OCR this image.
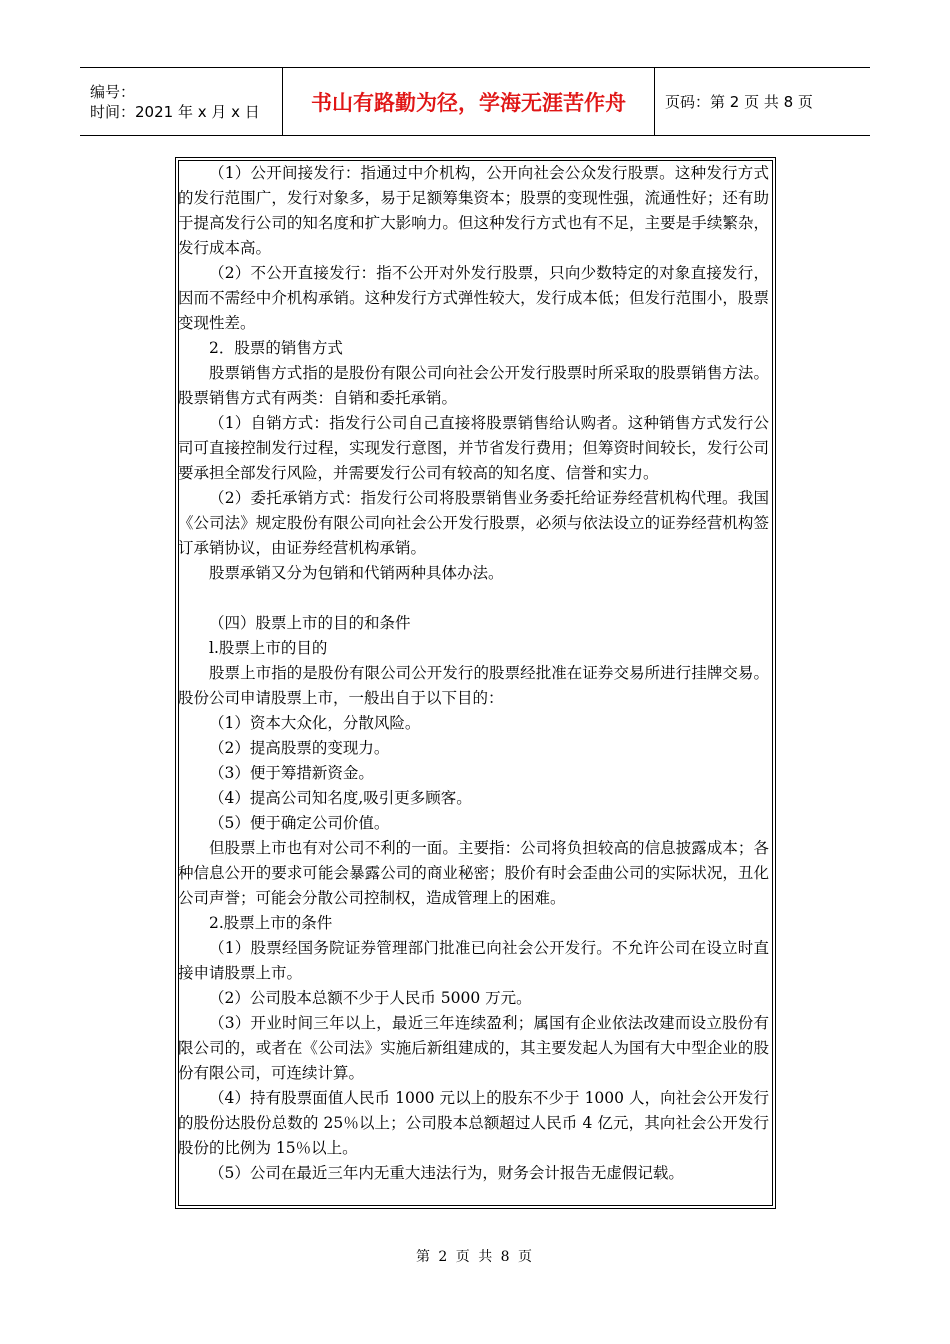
编号：
时间：2021 年 x 月 x 日	书山有路勤为径，学海无涯苦作舟	页码：第 2 页 共 8 页

（1）公开间接发行：指通过中介机构，公开向社会公众发行股票。这种发行方式的发行范围广，发行对象多，易于足额筹集资本；股票的变现性强，流通性好；还有助于提高发行公司的知名度和扩大影响力。但这种发行方式也有不足，主要是手续繁杂，发行成本高。

（2）不公开直接发行：指不公开对外发行股票，只向少数特定的对象直接发行，因而不需经中介机构承销。这种发行方式弹性较大，发行成本低；但发行范围小，股票变现性差。

2．股票的销售方式

股票销售方式指的是股份有限公司向社会公开发行股票时所采取的股票销售方法。股票销售方式有两类：自销和委托承销。

（1）自销方式：指发行公司自己直接将股票销售给认购者。这种销售方式发行公司可直接控制发行过程，实现发行意图，并节省发行费用；但筹资时间较长，发行公司要承担全部发行风险，并需要发行公司有较高的知名度、信誉和实力。

（2）委托承销方式：指发行公司将股票销售业务委托给证券经营机构代理。我国《公司法》规定股份有限公司向社会公开发行股票，必须与依法设立的证券经营机构签订承销协议，由证券经营机构承销。

股票承销又分为包销和代销两种具体办法。

（四）股票上市的目的和条件

l.股票上市的目的

股票上市指的是股份有限公司公开发行的股票经批准在证券交易所进行挂牌交易。股份公司申请股票上市，一般出自于以下目的：

（1）资本大众化，分散风险。

（2）提高股票的变现力。

（3）便于筹措新资金。

（4）提高公司知名度,吸引更多顾客。

（5）便于确定公司价值。

但股票上市也有对公司不利的一面。主要指：公司将负担较高的信息披露成本；各种信息公开的要求可能会暴露公司的商业秘密；股价有时会歪曲公司的实际状况，丑化公司声誉；可能会分散公司控制权，造成管理上的困难。

2.股票上市的条件

（1）股票经国务院证券管理部门批准已向社会公开发行。不允许公司在设立时直接申请股票上市。

（2）公司股本总额不少于人民币 5000 万元。

（3）开业时间三年以上，最近三年连续盈利；属国有企业依法改建而设立股份有限公司的，或者在《公司法》实施后新组建成的，其主要发起人为国有大中型企业的股份有限公司，可连续计算。

（4）持有股票面值人民币 1000 元以上的股东不少于 1000 人，向社会公开发行的股份达股份总数的 25％以上；公司股本总额超过人民币 4 亿元，其向社会公开发行股份的比例为 15％以上。

（5）公司在最近三年内无重大违法行为，财务会计报告无虚假记载。

第 2 页 共 8 页
